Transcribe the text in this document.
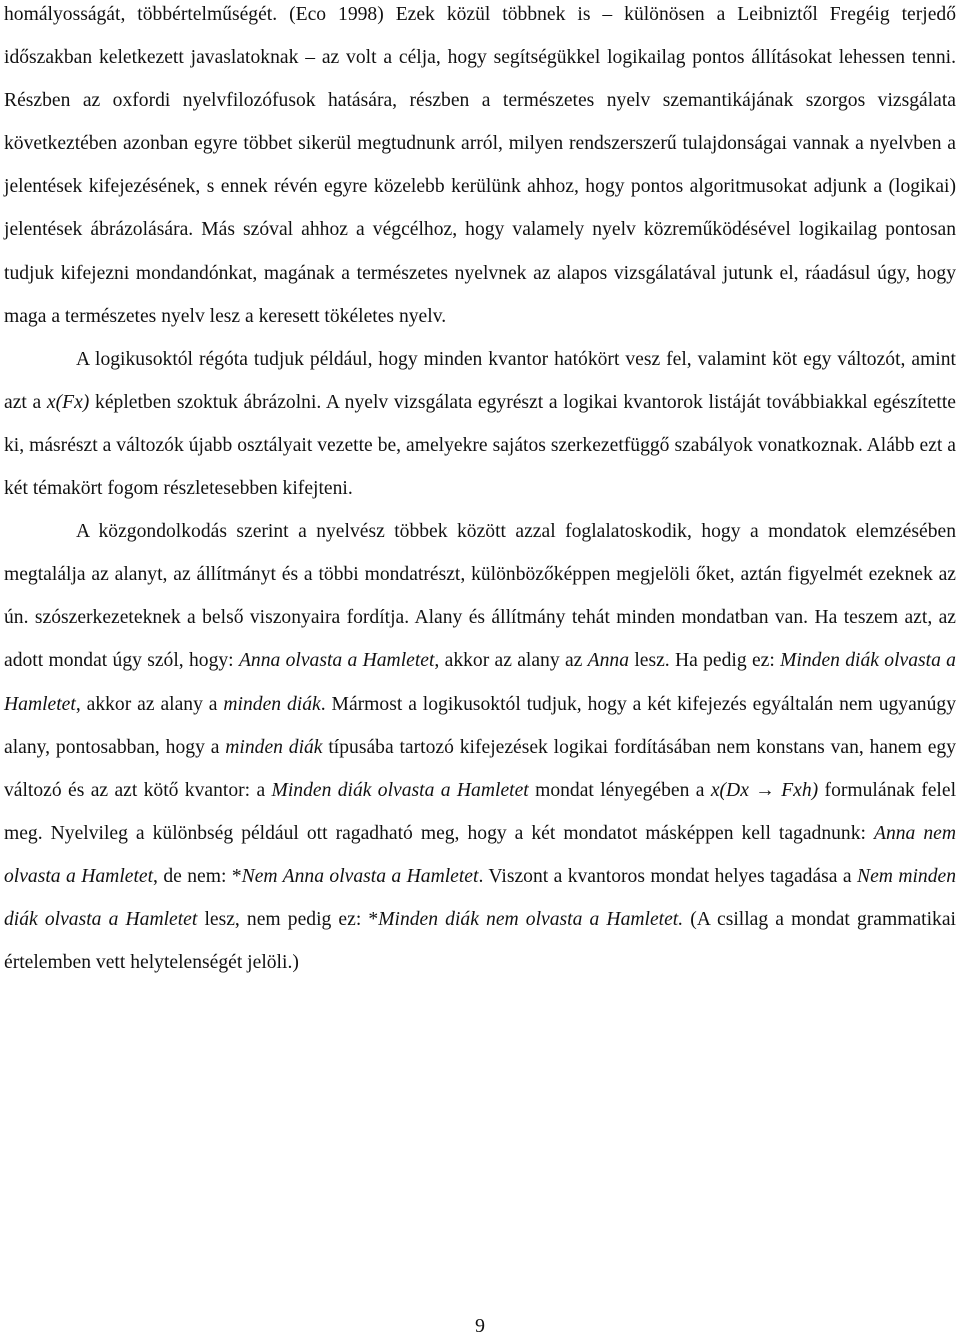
homályosságát, többértelműségét. (Eco 1998) Ezek közül többnek is – különösen a Leibniztől Fregéig terjedő időszakban keletkezett javaslatoknak – az volt a célja, hogy segítségükkel logikailag pontos állításokat lehessen tenni. Részben az oxfordi nyelvfilozófusok hatására, részben a természetes nyelv szemantikájának szorgos vizsgálata következtében azonban egyre többet sikerül megtudnunk arról, milyen rendszerszerű tulajdonságai vannak a nyelvben a jelentések kifejezésének, s ennek révén egyre közelebb kerülünk ahhoz, hogy pontos algoritmusokat adjunk a (logikai) jelentések ábrázolására. Más szóval ahhoz a végcélhoz, hogy valamely nyelv közreműködésével logikailag pontosan tudjuk kifejezni mondandónkat, magának a természetes nyelvnek az alapos vizsgálatával jutunk el, ráadásul úgy, hogy maga a természetes nyelv lesz a keresett tökéletes nyelv.

A logikusoktól régóta tudjuk például, hogy minden kvantor hatókört vesz fel, valamint köt egy változót, amint azt a x(Fx) képletben szoktuk ábrázolni. A nyelv vizsgálata egyrészt a logikai kvantorok listáját továbbiakkal egészítette ki, másrészt a változók újabb osztályait vezette be, amelyekre sajátos szerkezetfüggő szabályok vonatkoznak. Alább ezt a két témakört fogom részletesebben kifejteni.

A közgondolkodás szerint a nyelvész többek között azzal foglalatoskodik, hogy a mondatok elemzésében megtalálja az alanyt, az állítmányt és a többi mondatrészt, különbözőképpen megjelöli őket, aztán figyelmét ezeknek az ún. szószerkezeteknek a belső viszonyaira fordítja. Alany és állítmány tehát minden mondatban van. Ha teszem azt, az adott mondat úgy szól, hogy: Anna olvasta a Hamletet, akkor az alany az Anna lesz. Ha pedig ez: Minden diák olvasta a Hamletet, akkor az alany a minden diák. Mármost a logikusoktól tudjuk, hogy a két kifejezés egyáltalán nem ugyanúgy alany, pontosabban, hogy a minden diák típusába tartozó kifejezések logikai fordításában nem konstans van, hanem egy változó és az azt kötő kvantor: a Minden diák olvasta a Hamletet mondat lényegében a x(Dx → Fxh) formulának felel meg. Nyelvileg a különbség például ott ragadható meg, hogy a két mondatot másképpen kell tagadnunk: Anna nem olvasta a Hamletet, de nem: *Nem Anna olvasta a Hamletet. Viszont a kvantoros mondat helyes tagadása a Nem minden diák olvasta a Hamletet lesz, nem pedig ez: *Minden diák nem olvasta a Hamletet. (A csillag a mondat grammatikai értelemben vett helytelenségét jelöli.)

9
